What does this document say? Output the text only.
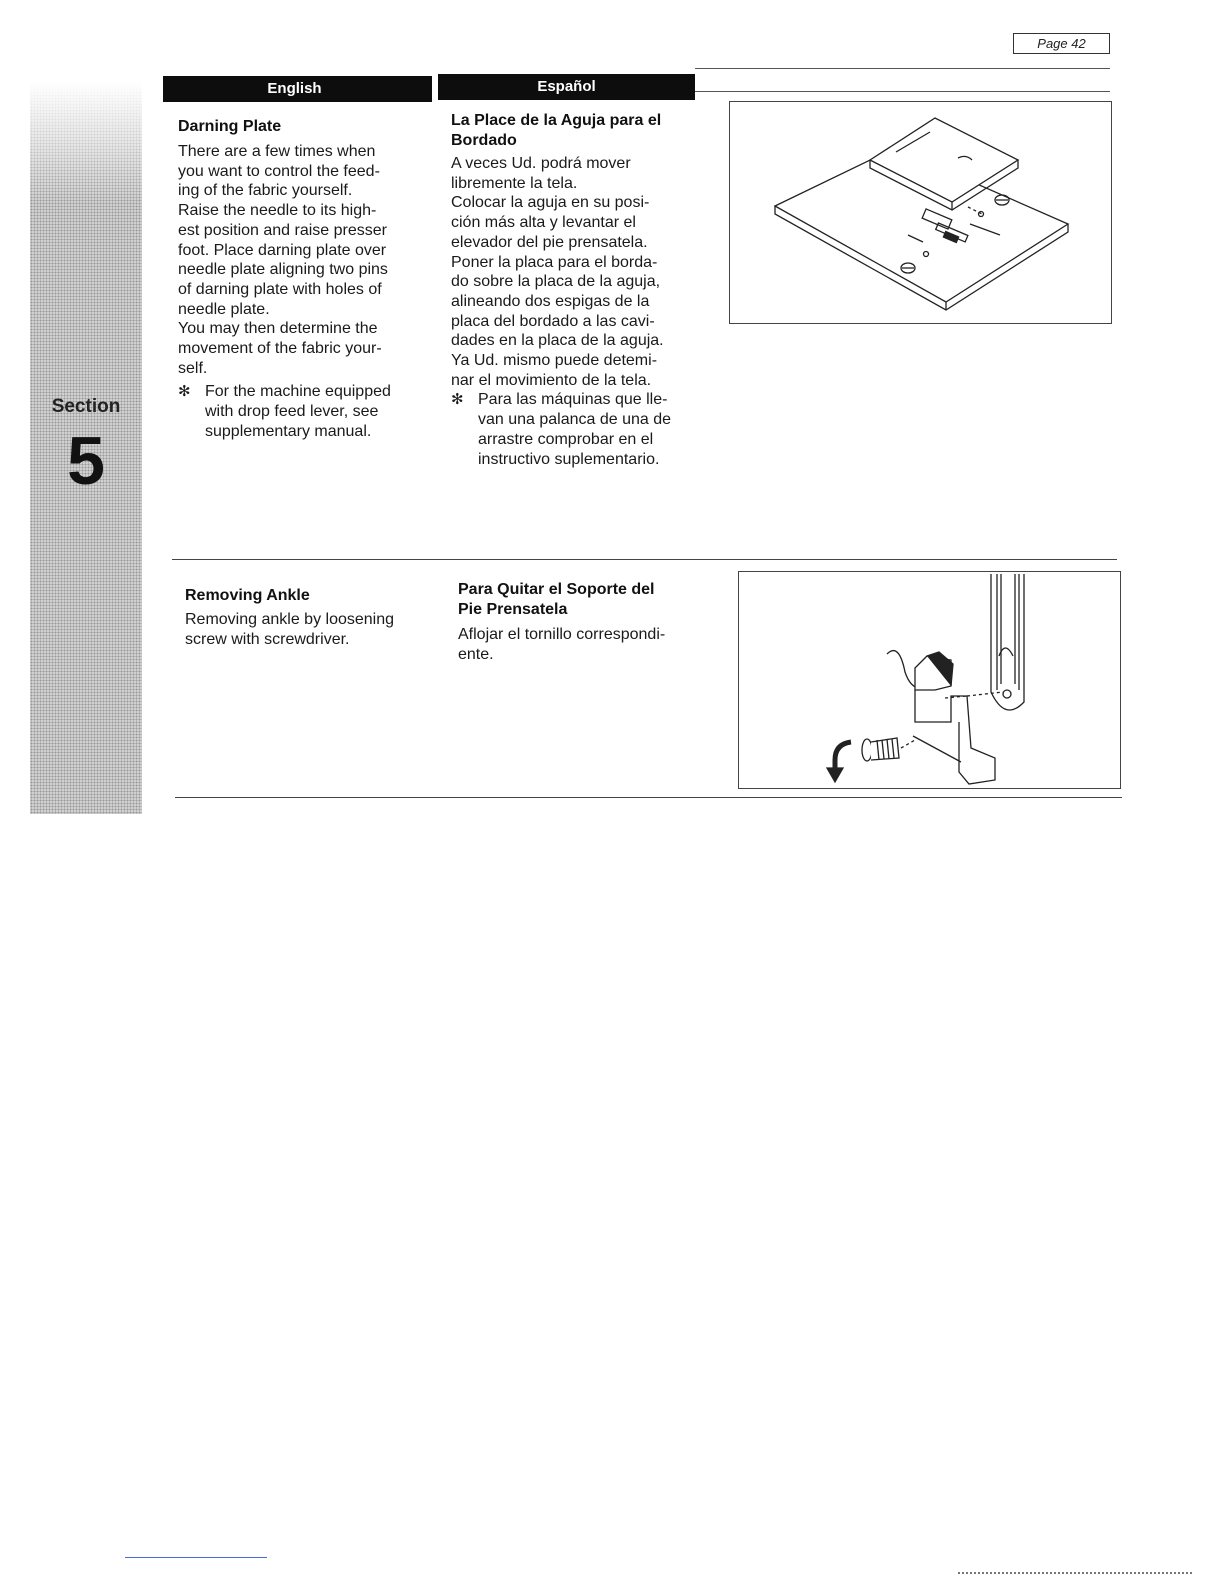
Page 42
Section
5
English	Español
Darning Plate
There are a few times when
you want to control the feed-
ing of the fabric yourself.
Raise the needle to its high-
est position and raise presser
foot. Place darning plate over
needle plate aligning two pins
of darning plate with holes of
needle plate.
You may then determine the
movement of the fabric your-
self.
✻ For the machine equipped
with drop feed lever, see
supplementary manual.
La Place de la Aguja para el
Bordado
A veces Ud. podrá mover
libremente la tela.
Colocar la aguja en su posi-
ción más alta y levantar el
elevador del pie prensatela.
Poner la placa para el borda-
do sobre la placa de la aguja,
alineando dos espigas de la
placa del bordado a las cavi-
dades en la placa de la aguja.
Ya Ud. mismo puede detemi-
nar el movimiento de la tela.
✻ Para las máquinas que lle-
van una palanca de una de
arrastre comprobar en el
instructivo suplementario.
Removing Ankle
Removing ankle by loosening
screw with screwdriver.
Para Quitar el Soporte del
Pie Prensatela
Aflojar el tornillo correspondi-
ente.
